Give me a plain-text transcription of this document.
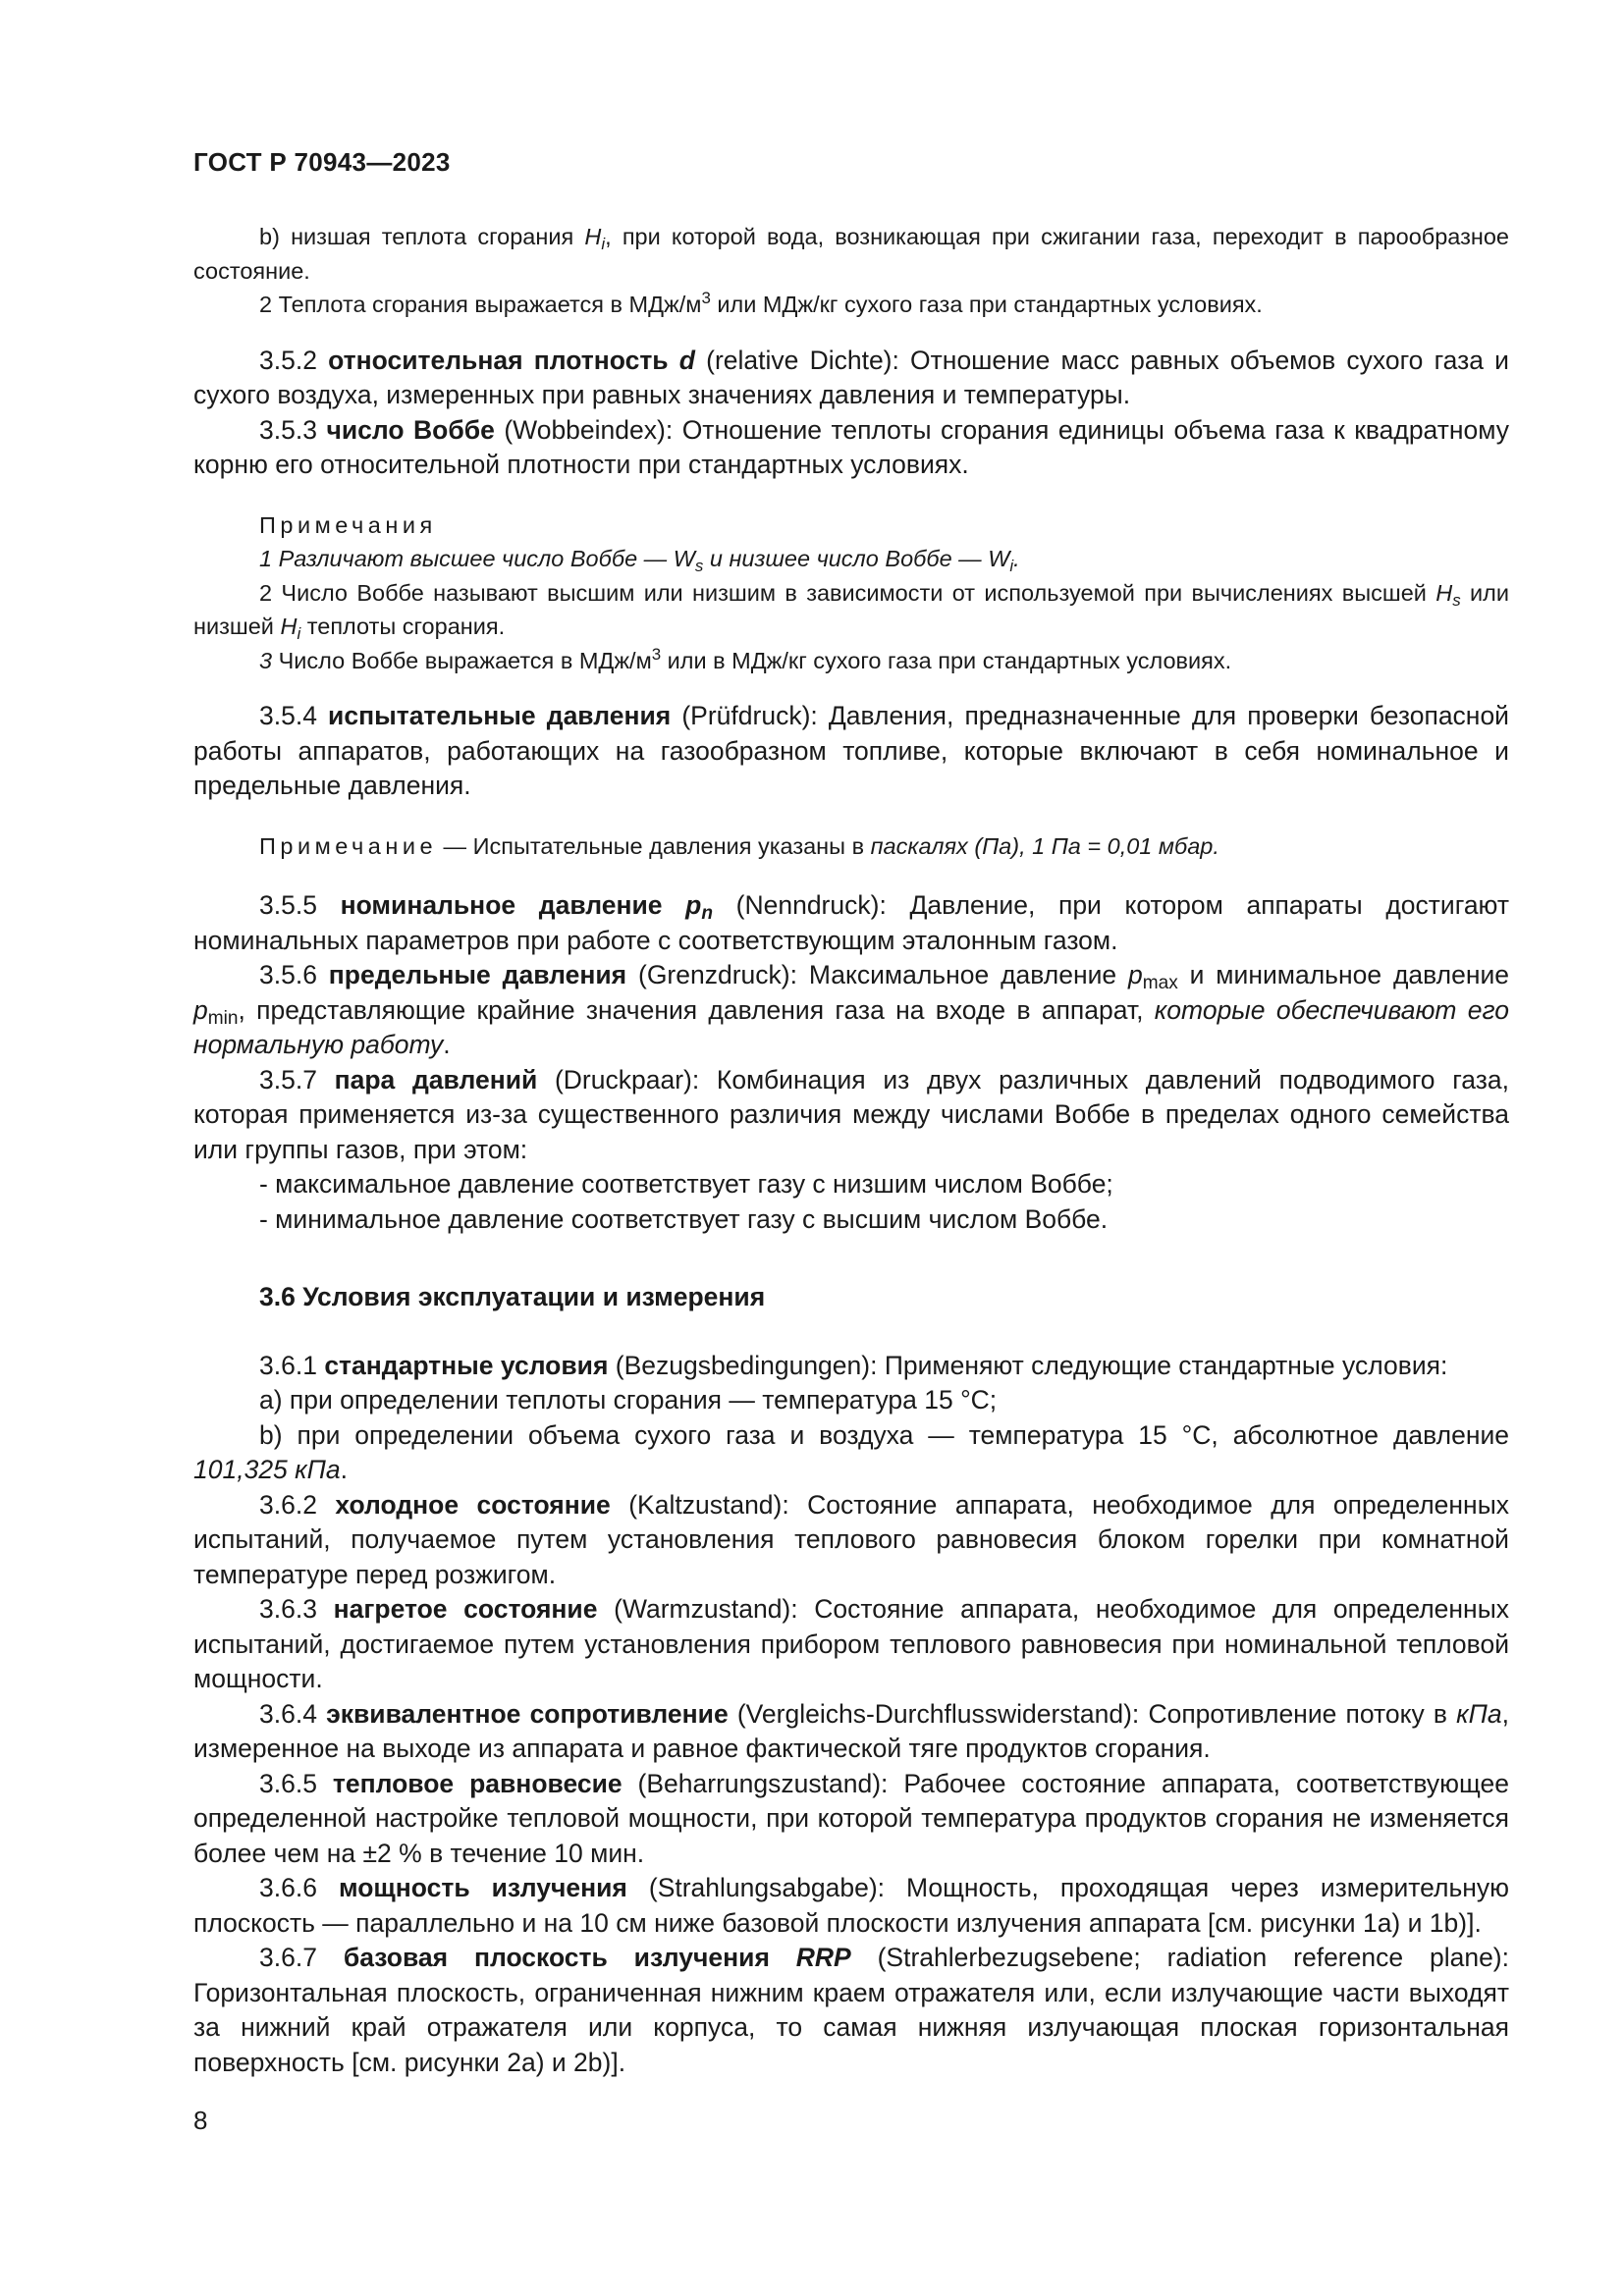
ГОСТ Р 70943—2023

b) низшая теплота сгорания $H_i$, при которой вода, возникающая при сжигании газа, переходит в парообразное состояние.

2 Теплота сгорания выражается в МДж/$м^3$ или МДж/кг сухого газа при стандартных условиях.

3.5.2 относительная плотность d (relative Dichte): Отношение масс равных объемов сухого газа и сухого воздуха, измеренных при равных значениях давления и температуры.

3.5.3 число Воббе (Wobbeindex): Отношение теплоты сгорания единицы объема газа к квадратному корню его относительной плотности при стандартных условиях.

Примечания

1 Различают высшее число Воббе — $W_s$ и низшее число Воббе — $W_i$.

2 Число Воббе называют высшим или низшим в зависимости от используемой при вычислениях высшей $H_s$ или низшей $H_i$ теплоты сгорания.

3 Число Воббе выражается в МДж/$м^3$ или в МДж/кг сухого газа при стандартных условиях.

3.5.4 испытательные давления (Prüfdruck): Давления, предназначенные для проверки безопасной работы аппаратов, работающих на газообразном топливе, которые включают в себя номинальное и предельные давления.

Примечание — Испытательные давления указаны в паскалях (Па), 1 Па = 0,01 мбар.

3.5.5 номинальное давление $p_n$ (Nenndruck): Давление, при котором аппараты достигают номинальных параметров при работе с соответствующим эталонным газом.

3.5.6 предельные давления (Grenzdruck): Максимальное давление $p_{max}$ и минимальное давление $p_{min}$, представляющие крайние значения давления газа на входе в аппарат, которые обеспечивают его нормальную работу.

3.5.7 пара давлений (Druckpaar): Комбинация из двух различных давлений подводимого газа, которая применяется из-за существенного различия между числами Воббе в пределах одного семейства или группы газов, при этом:

- максимальное давление соответствует газу с низшим числом Воббе;

- минимальное давление соответствует газу с высшим числом Воббе.

3.6 Условия эксплуатации и измерения

3.6.1 стандартные условия (Bezugsbedingungen): Применяют следующие стандартные условия:

a) при определении теплоты сгорания — температура 15 °C;

b) при определении объема сухого газа и воздуха — температура 15 °C, абсолютное давление 101,325 кПа.

3.6.2 холодное состояние (Kaltzustand): Состояние аппарата, необходимое для определенных испытаний, получаемое путем установления теплового равновесия блоком горелки при комнатной температуре перед розжигом.

3.6.3 нагретое состояние (Warmzustand): Состояние аппарата, необходимое для определенных испытаний, достигаемое путем установления прибором теплового равновесия при номинальной тепловой мощности.

3.6.4 эквивалентное сопротивление (Vergleichs-Durchflusswiderstand): Сопротивление потоку в кПа, измеренное на выходе из аппарата и равное фактической тяге продуктов сгорания.

3.6.5 тепловое равновесие (Beharrungszustand): Рабочее состояние аппарата, соответствующее определенной настройке тепловой мощности, при которой температура продуктов сгорания не изменяется более чем на ±2 % в течение 10 мин.

3.6.6 мощность излучения (Strahlungsabgabe): Мощность, проходящая через измерительную плоскость — параллельно и на 10 см ниже базовой плоскости излучения аппарата [см. рисунки 1а) и 1b)].

3.6.7 базовая плоскость излучения RRP (Strahlerbezugsebene; radiation reference plane): Горизонтальная плоскость, ограниченная нижним краем отражателя или, если излучающие части выходят за нижний край отражателя или корпуса, то самая нижняя излучающая плоская горизонтальная поверхность [см. рисунки 2а) и 2b)].

8
